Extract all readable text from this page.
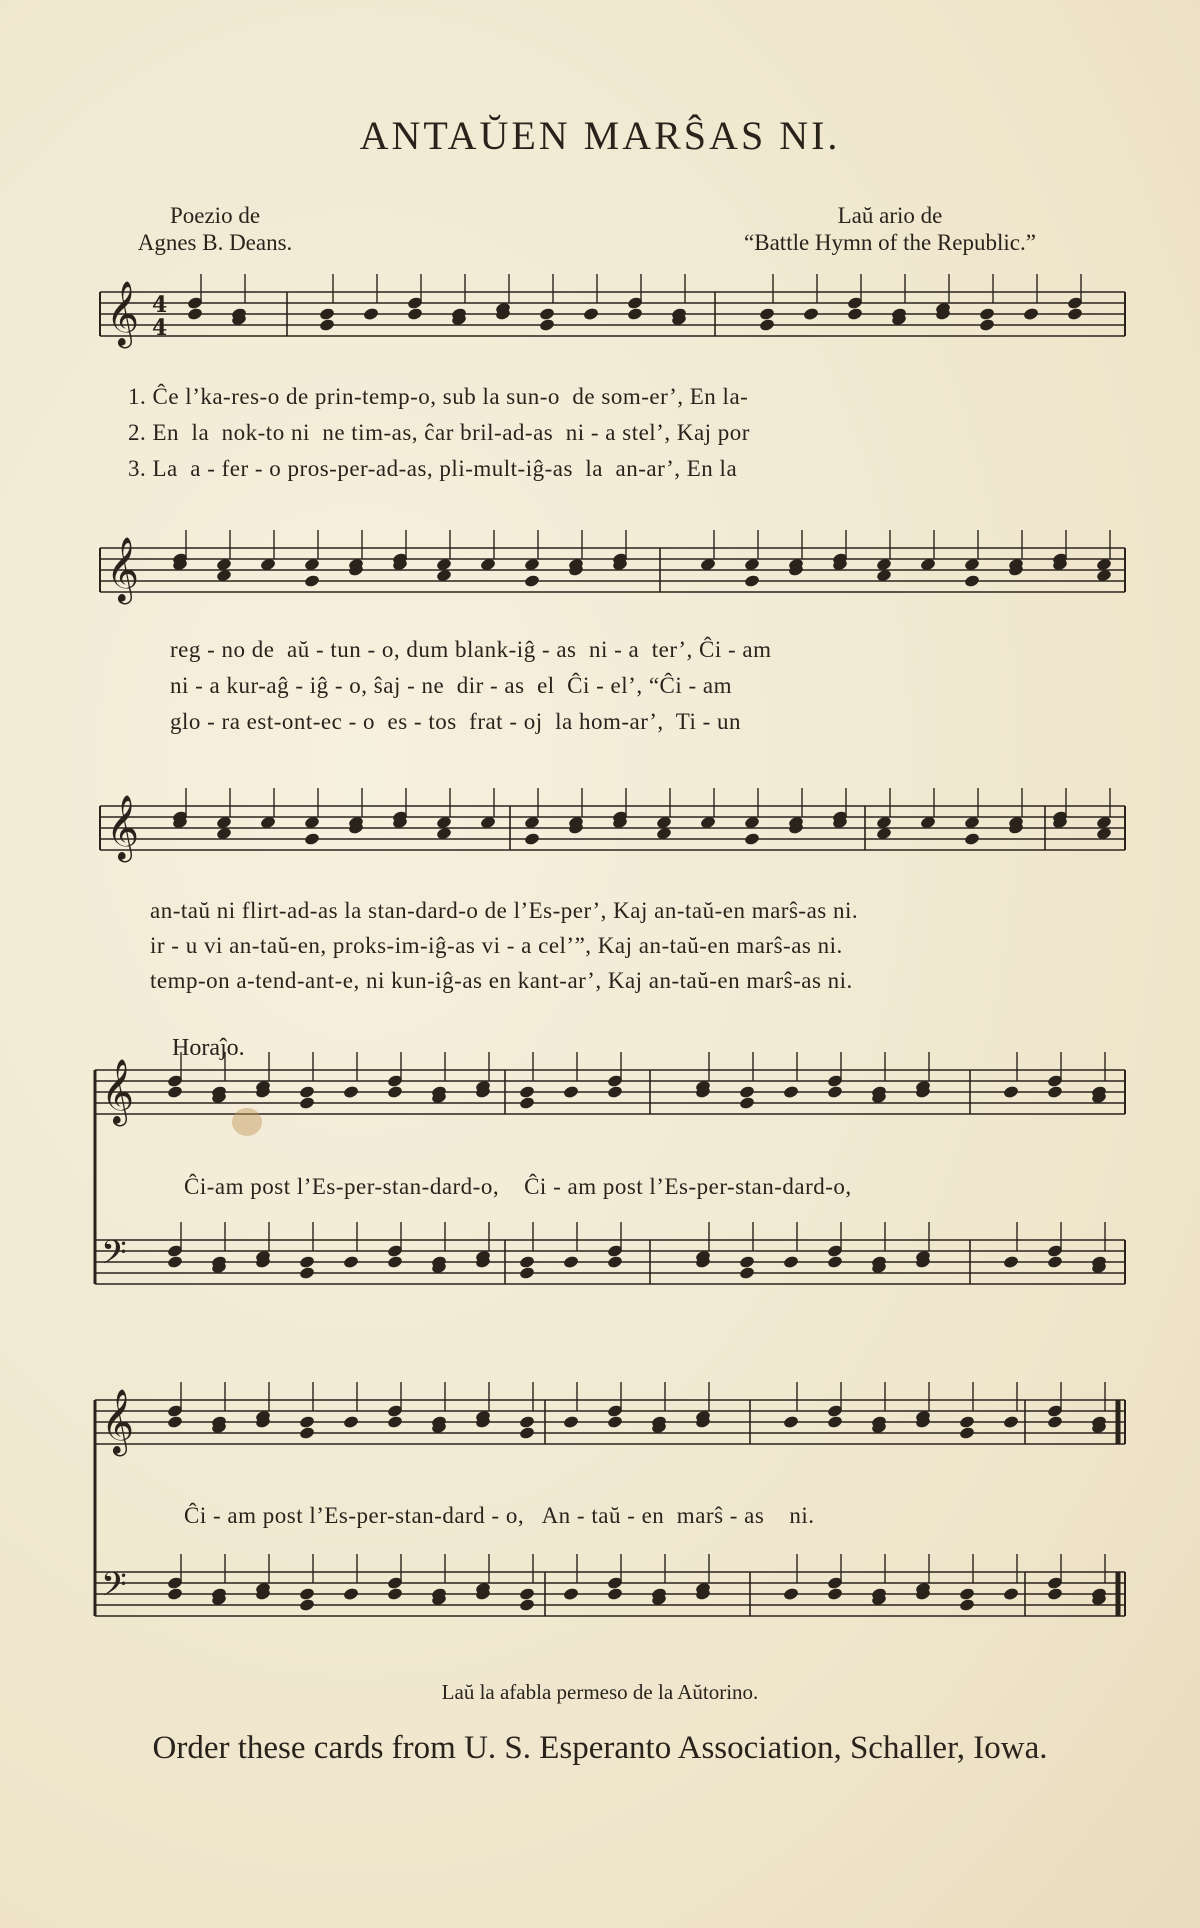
ANTAŬEN MARŜAS NI.
Poezio de
Agnes B. Deans.
Laŭ ario de
“Battle Hymn of the Republic.”
𝄞 4
4
𝄞
𝄞
𝄞
𝄢
𝄞
𝄢
1. Ĉe l’ka-res-o de prin-temp-o, sub la sun-o  de som-er’, En la-
2. En  la  nok-to ni  ne tim-as, ĉar bril-ad-as  ni - a stel’, Kaj por
3. La  a - fer - o pros-per-ad-as, pli-mult-iĝ-as  la  an-ar’, En la
reg - no de  aŭ - tun - o, dum blank-iĝ - as  ni - a  ter’, Ĉi - am
ni - a kur-aĝ - iĝ - o, ŝaj - ne  dir - as  el  Ĉi - el’, “Ĉi - am
glo - ra est-ont-ec - o  es - tos  frat - oj  la hom-ar’,  Ti - un
an-taŭ ni flirt-ad-as la stan-dard-o de l’Es-per’, Kaj an-taŭ-en marŝ-as ni.
ir - u vi an-taŭ-en, proks-im-iĝ-as vi - a cel’”, Kaj an-taŭ-en marŝ-as ni.
temp-on a-tend-ant-e, ni kun-iĝ-as en kant-ar’, Kaj an-taŭ-en marŝ-as ni.
Horaĵo.
Ĉi-am post l’Es-per-stan-dard-o,    Ĉi - am post l’Es-per-stan-dard-o,
Ĉi - am post l’Es-per-stan-dard - o,   An - taŭ - en  marŝ - as    ni.
Laŭ la afabla permeso de la Aŭtorino.
Order these cards from U. S. Esperanto Association, Schaller, Iowa.
